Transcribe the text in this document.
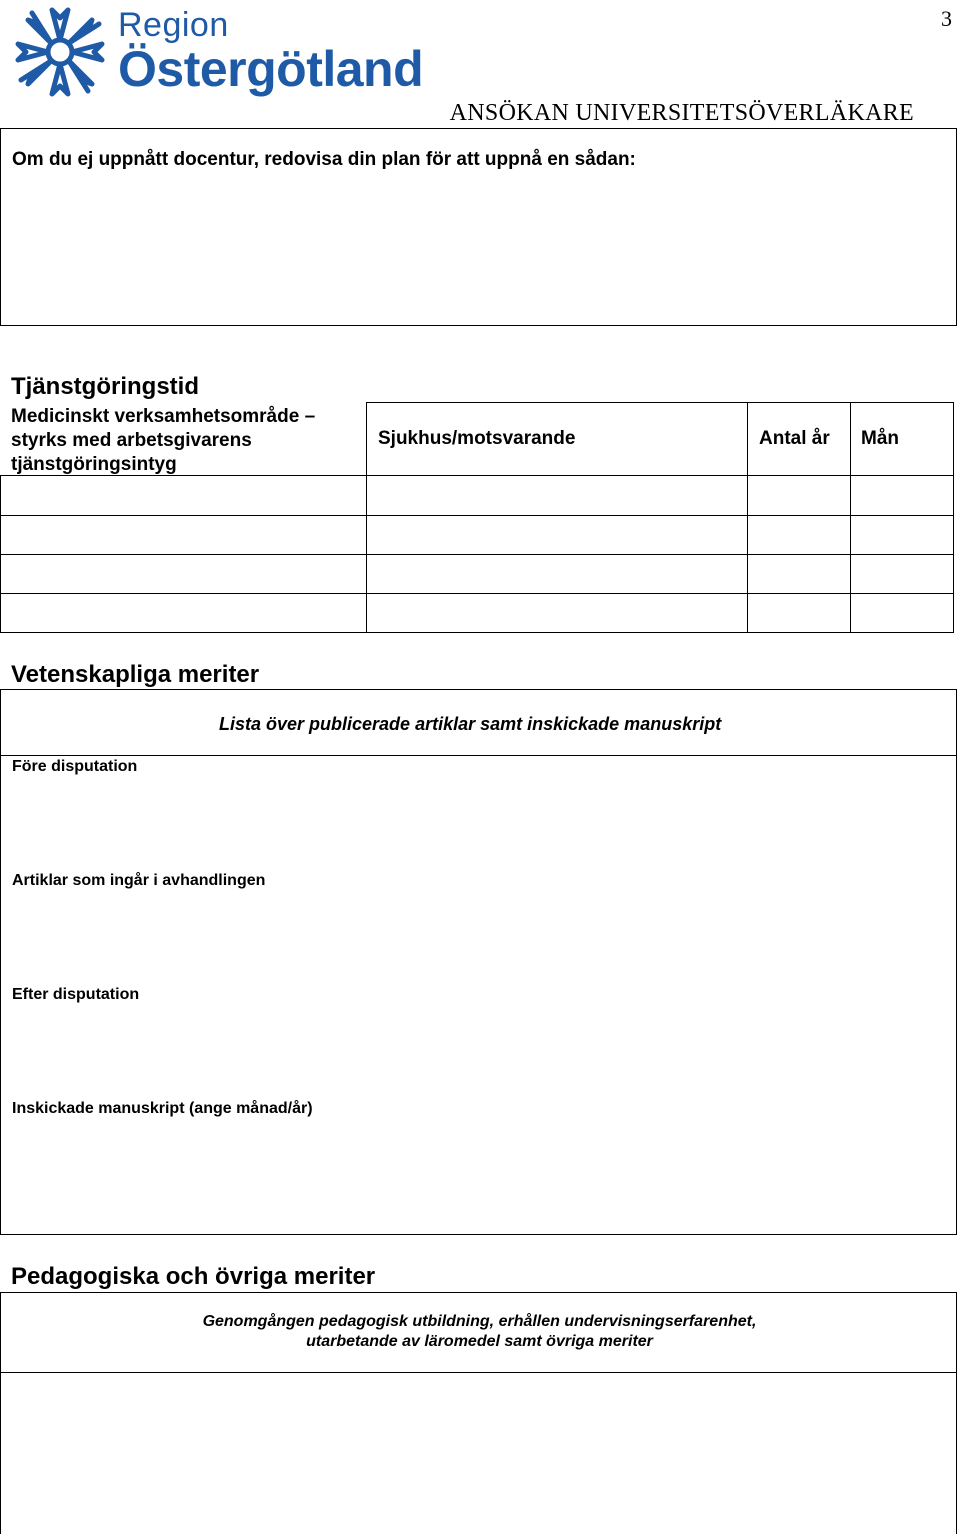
Region
Östergötland
3
ANSÖKAN UNIVERSITETSÖVERLÄKARE
Om du ej uppnått docentur, redovisa din plan för att uppnå en sådan:
Tjänstgöringstid
Medicinskt verksamhetsområde –
styrks med arbetsgivarens
tjänstgöringsintyg
Sjukhus/motsvarande	Antal år Mån
Vetenskapliga meriter
Lista över publicerade artiklar samt inskickade manuskript
Före disputation
Artiklar som ingår i avhandlingen
Efter disputation
Inskickade manuskript (ange månad/år)
Pedagogiska och övriga meriter
Genomgången pedagogisk utbildning, erhållen undervisningserfarenhet,
utarbetande av läromedel samt övriga meriter
